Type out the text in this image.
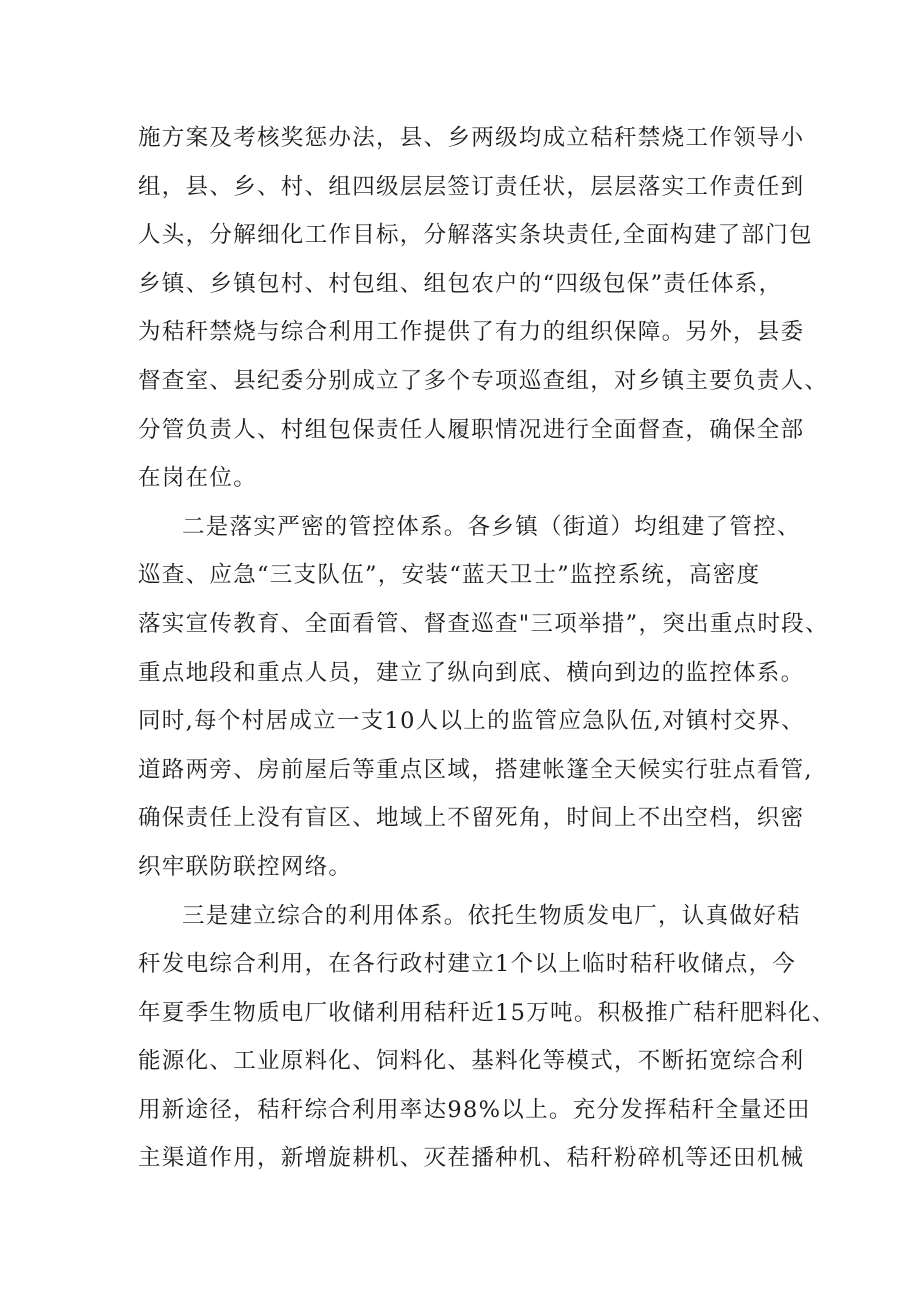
施方案及考核奖惩办法，县、乡两级均成立秸秆禁烧工作领导小
组，县、乡、村、组四级层层签订责任状，层层落实工作责任到
人头，分解细化工作目标，分解落实条块责任,全面构建了部门包
乡镇、乡镇包村、村包组、组包农户的“四级包保”责任体系，
为秸秆禁烧与综合利用工作提供了有力的组织保障。另外，县委
督查室、县纪委分别成立了多个专项巡查组，对乡镇主要负责人、
分管负责人、村组包保责任人履职情况进行全面督查，确保全部
在岗在位。
二是落实严密的管控体系。各乡镇（街道）均组建了管控、
巡查、应急“三支队伍”，安装“蓝天卫士”监控系统，高密度
落实宣传教育、全面看管、督查巡查"三项举措”，突出重点时段、
重点地段和重点人员，建立了纵向到底、横向到边的监控体系。
同时,每个村居成立一支10人以上的监管应急队伍,对镇村交界、
道路两旁、房前屋后等重点区域，搭建帐篷全天候实行驻点看管,
确保责任上没有盲区、地域上不留死角，时间上不出空档，织密
织牢联防联控网络。
三是建立综合的利用体系。依托生物质发电厂，认真做好秸
秆发电综合利用，在各行政村建立1个以上临时秸秆收储点，今
年夏季生物质电厂收储利用秸秆近15万吨。积极推广秸秆肥料化、
能源化、工业原料化、饲料化、基料化等模式，不断拓宽综合利
用新途径，秸秆综合利用率达98%以上。充分发挥秸秆全量还田
主渠道作用，新增旋耕机、灭茬播种机、秸秆粉碎机等还田机械
